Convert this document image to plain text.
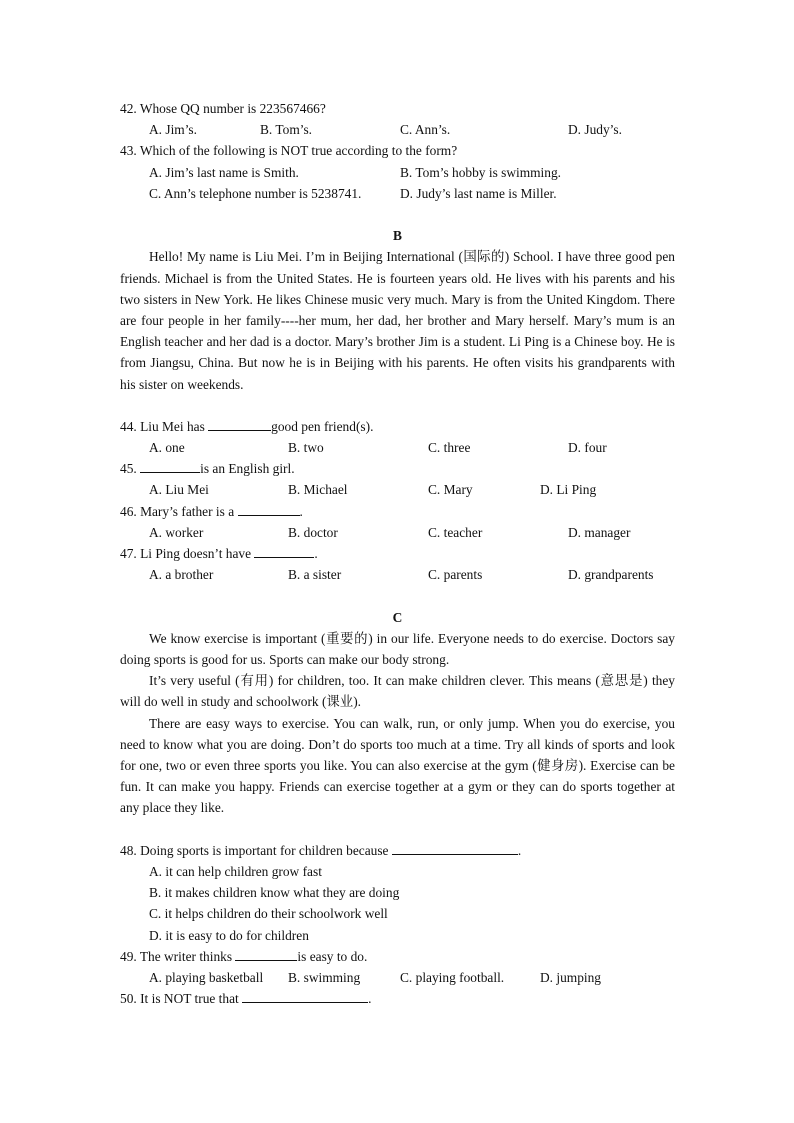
42. Whose QQ number is 223567466?
A. Jim’s.	B. Tom’s.	C. Ann’s.	D. Judy’s.
43. Which of the following is NOT true according to the form?
A. Jim’s last name is Smith.	B. Tom’s hobby is swimming.
C. Ann’s telephone number is 5238741.	D. Judy’s last name is Miller.
B
Hello! My name is Liu Mei. I’m in Beijing International (国际的) School. I have three good pen friends. Michael is from the United States. He is fourteen years old. He lives with his parents and his two sisters in New York. He likes Chinese music very much. Mary is from the United Kingdom. There are four people in her family----her mum, her dad, her brother and Mary herself. Mary’s mum is an English teacher and her dad is a doctor. Mary’s brother Jim is a student. Li Ping is a Chinese boy. He is from Jiangsu, China. But now he is in Beijing with his parents. He often visits his grandparents with his sister on weekends.
44. Liu Mei has	good pen friend(s).
A. one	B. two	C. three	D. four
45.	is an English girl.
A. Liu Mei	B. Michael	C. Mary	D. Li Ping
46. Mary’s father is a	.
A. worker	B. doctor	C. teacher	D. manager
47. Li Ping doesn’t have	.
A. a brother	B. a sister	C. parents	D. grandparents
C
We know exercise is important (重要的) in our life. Everyone needs to do exercise. Doctors say doing sports is good for us. Sports can make our body strong.
It’s very useful (有用) for children, too. It can make children clever. This means (意思是) they will do well in study and schoolwork (课业).
There are easy ways to exercise. You can walk, run, or only jump. When you do exercise, you need to know what you are doing. Don’t do sports too much at a time. Try all kinds of sports and look for one, two or even three sports you like. You can also exercise at the gym (健身房). Exercise can be fun. It can make you happy. Friends can exercise together at a gym or they can do sports together at any place they like.
48. Doing sports is important for children because	.
A. it can help children grow fast
B. it makes children know what they are doing
C. it helps children do their schoolwork well
D. it is easy to do for children
49. The writer thinks	is easy to do.
A. playing basketball B. swimming	C. playing football.	D. jumping
50. It is NOT true that	.
